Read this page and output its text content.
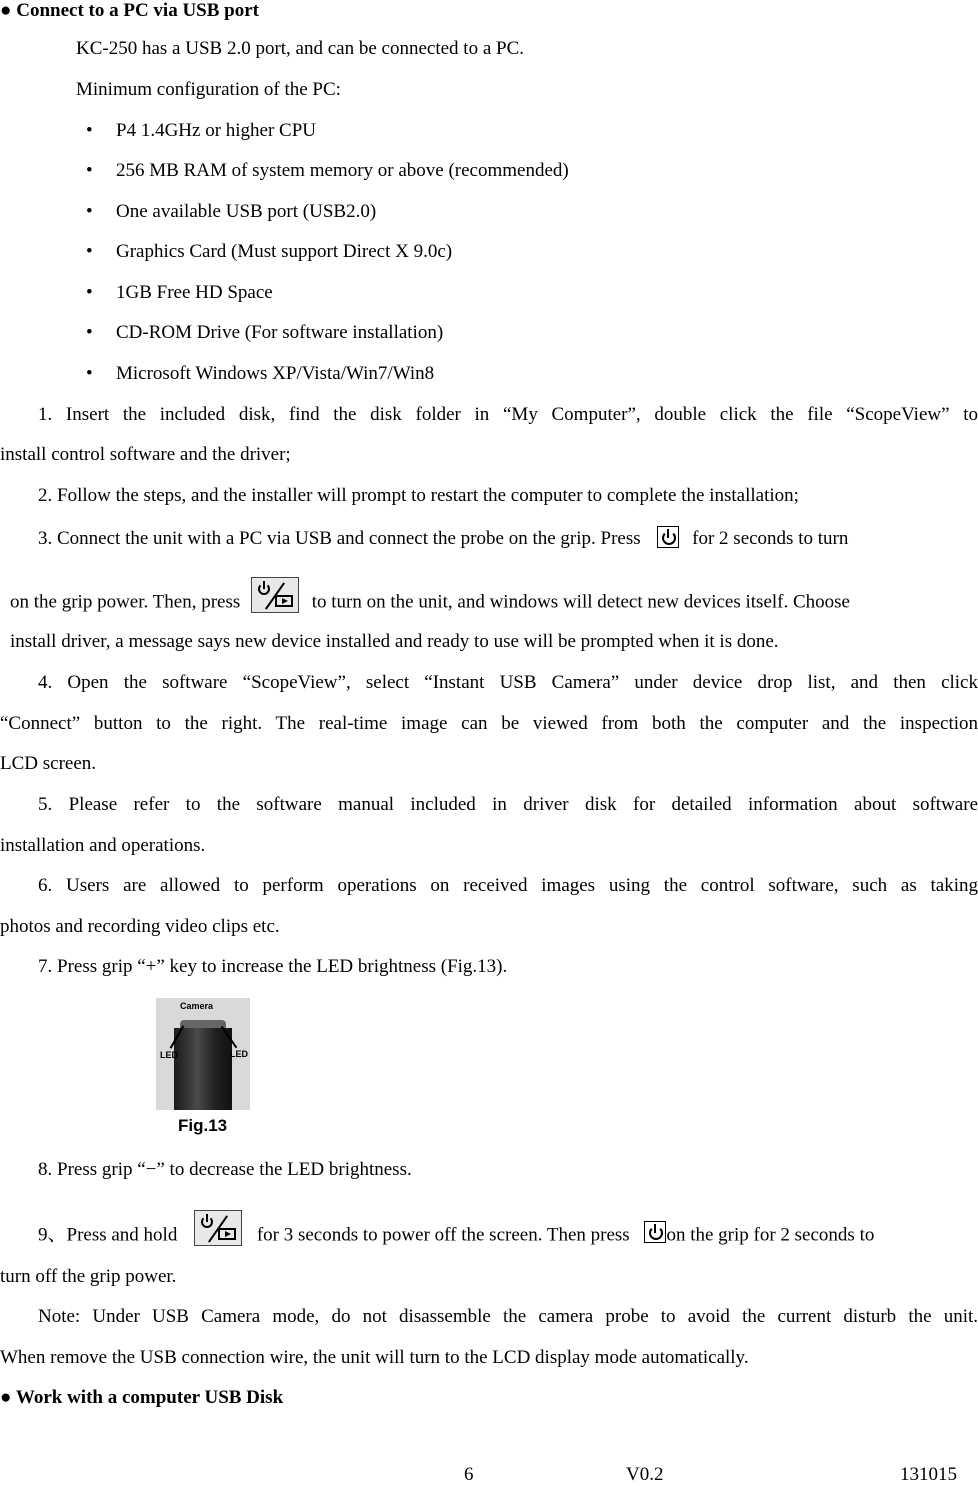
● Connect to a PC via USB port
KC-250 has a USB 2.0 port, and can be connected to a PC.
Minimum configuration of the PC:
• P4 1.4GHz or higher CPU
• 256 MB RAM of system memory or above (recommended)
• One available USB port (USB2.0)
• Graphics Card (Must support Direct X 9.0c)
• 1GB Free HD Space
• CD-ROM Drive (For software installation)
• Microsoft Windows XP/Vista/Win7/Win8
1. Insert the included disk, find the disk folder in “My Computer”, double click the file “ScopeView” to
install control software and the driver;
2. Follow the steps, and the installer will prompt to restart the computer to complete the installation;
3. Connect the unit with a PC via USB and connect the probe on the grip. Press	for 2 seconds to turn
on the grip power. Then, press	to turn on the unit, and windows will detect new devices itself. Choose
install driver, a message says new device installed and ready to use will be prompted when it is done.
4. Open the software “ScopeView”, select “Instant USB Camera” under device drop list, and then click
“Connect” button to the right. The real-time image can be viewed from both the computer and the inspection
LCD screen.
5. Please refer to the software manual included in driver disk for detailed information about software
installation and operations.
6. Users are allowed to perform operations on received images using the control software, such as taking
photos and recording video clips etc.
7. Press grip “+” key to increase the LED brightness (Fig.13).
Camera
LED	LED
Fig.13
8. Press grip “−” to decrease the LED brightness.
9、Press and hold	for 3 seconds to power off the screen. Then press on the grip for 2 seconds to
turn off the grip power.
Note: Under USB Camera mode, do not disassemble the camera probe to avoid the current disturb the unit.
When remove the USB connection wire, the unit will turn to the LCD display mode automatically.
● Work with a computer USB Disk
6	V0.2	131015
